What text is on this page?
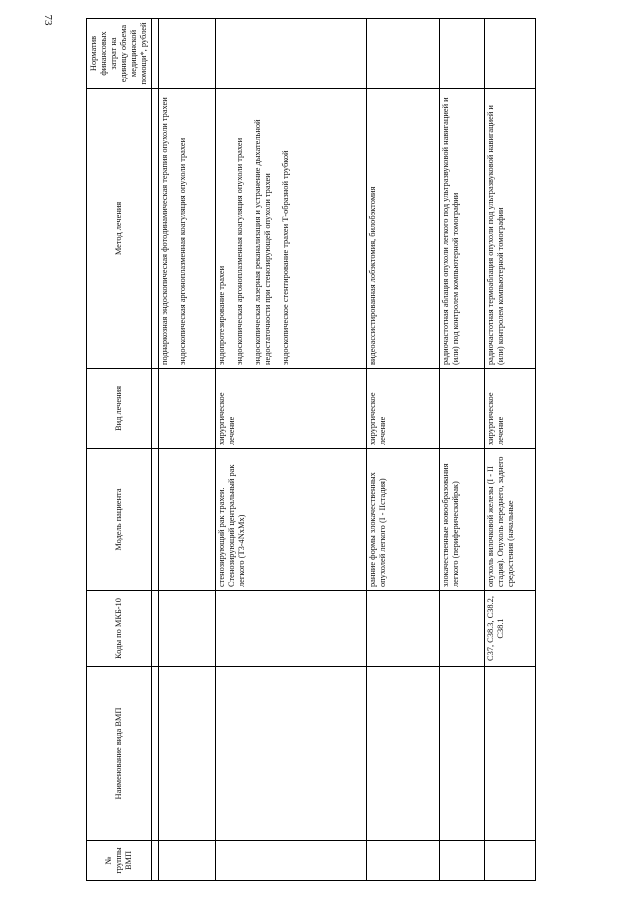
73
№ группы ВМП	Наименование вида ВМП	Коды по МКБ-10	Модель пациента	Вид лечения	Метод лечения	Норматив финансовых затрат на единицу объема медицинской помощи*, рублей

					поднаркозная эндоскопическая фотодинамическая терапия опухоли трахеи эндоскопическая аргоноплазменная коагуляция опухоли трахеи	

			стенозирующий рак трахеи. Стенозирующий центральный рак легкого (Т3-4NxMx)	хирургическое лечение	эндопротезирование трахеи эндоскопическая аргоноплазменная коагуляция опухоли трахеи эндоскопическая лазерная реканализация и устранение дыхательной недостаточности при стенозирующей опухоли трахеи эндоскопическое стентирование трахеи Т-образной трубкой	

			ранние формы злокачественных опухолей легкого (I - IIстадия)	хирургическое лечение	видеоассистированная лобэктомия, билобэктомия	

			злокачественные новообразования легкого (периферическийрак)		радиочастотная аблация опухоли легкого под ультразвуковой навигацией и (или) под контролем компьютерной томографии	

		C37, C38.3, C38.2, C38.1	опухоль вилочковой железы (I - II стадия). Опухоль переднего, заднего средостения (начальные	хирургическое лечение	радиочастотная термоаблация опухоли под ультразвуковой навигацией и (или) контролем компьютерной томографии	
